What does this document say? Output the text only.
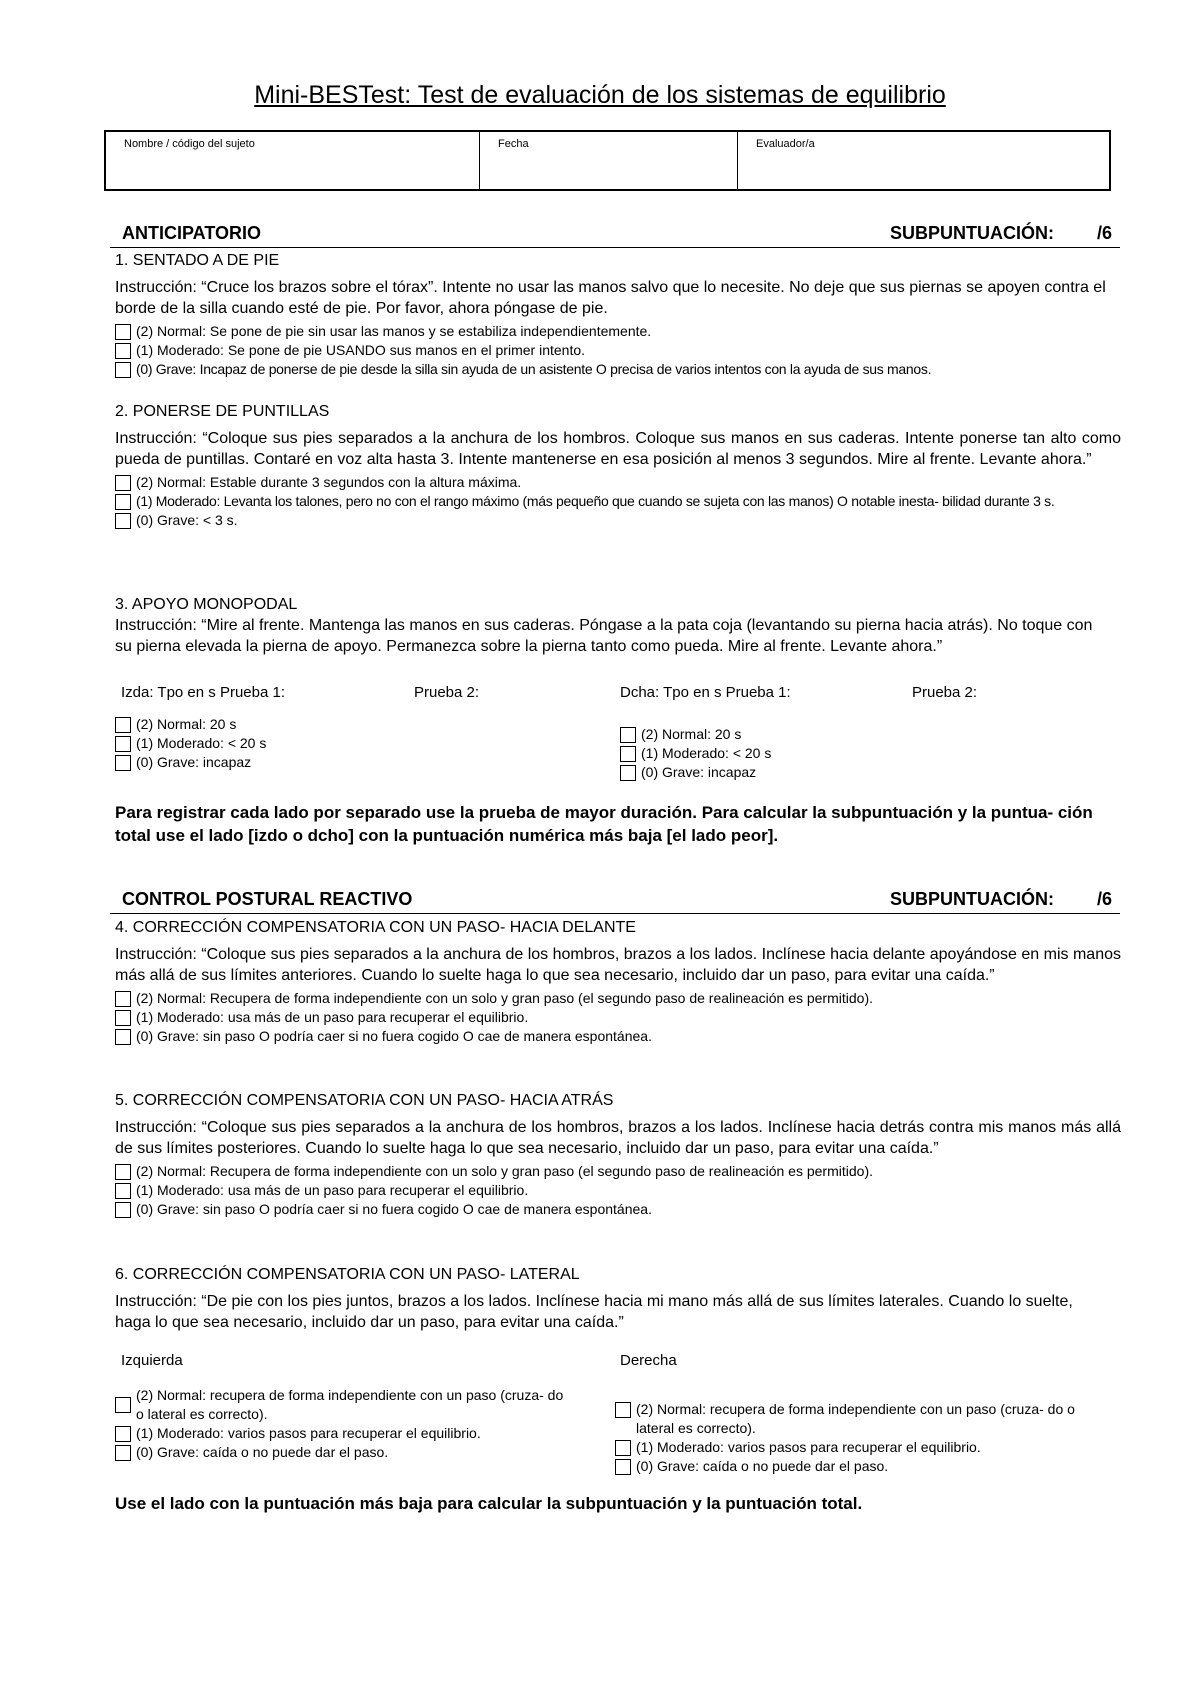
Mini-BESTest: Test de evaluación de los sistemas de equilibrio
Nombre / código del sujeto	Fecha	Evaluador/a
ANTICIPATORIO	SUBPUNTUACIÓN: /6
1. SENTADO A DE PIE
Instrucción: “Cruce los brazos sobre el tórax”. Intente no usar las manos salvo que lo necesite. No deje que sus piernas se apoyen contra el borde de la silla cuando esté de pie. Por favor, ahora póngase de pie.
(2) Normal: Se pone de pie sin usar las manos y se estabiliza independientemente.
(1) Moderado: Se pone de pie USANDO sus manos en el primer intento.
(0) Grave: Incapaz de ponerse de pie desde la silla sin ayuda de un asistente O precisa de varios intentos con la ayuda de sus manos.
2. PONERSE DE PUNTILLAS
Instrucción: “Coloque sus pies separados a la anchura de los hombros. Coloque sus manos en sus caderas. Intente ponerse tan alto como pueda de puntillas. Contaré en voz alta hasta 3. Intente mantenerse en esa posición al menos 3 segundos. Mire al frente. Levante ahora.”
(2) Normal: Estable durante 3 segundos con la altura máxima.
(1) Moderado: Levanta los talones, pero no con el rango máximo (más pequeño que cuando se sujeta con las manos) O notable inesta- bilidad durante 3 s.
(0) Grave: < 3 s.
3. APOYO MONOPODAL
Instrucción: “Mire al frente. Mantenga las manos en sus caderas. Póngase a la pata coja (levantando su pierna hacia atrás). No toque con su pierna elevada la pierna de apoyo. Permanezca sobre la pierna tanto como pueda. Mire al frente. Levante ahora.”
Izda: Tpo en s Prueba 1:	Prueba 2:	Dcha: Tpo en s Prueba 1:	Prueba 2:
(2) Normal: 20 s
(1) Moderado: < 20 s
(0) Grave: incapaz
(2) Normal: 20 s
(1) Moderado: < 20 s
(0) Grave: incapaz
Para registrar cada lado por separado use la prueba de mayor duración. Para calcular la subpuntuación y la puntua- ción total use el lado [izdo o dcho] con la puntuación numérica más baja [el lado peor].
CONTROL POSTURAL REACTIVO	SUBPUNTUACIÓN: /6
4. CORRECCIÓN COMPENSATORIA CON UN PASO- HACIA DELANTE
Instrucción: “Coloque sus pies separados a la anchura de los hombros, brazos a los lados. Inclínese hacia delante apoyándose en mis manos más allá de sus límites anteriores. Cuando lo suelte haga lo que sea necesario, incluido dar un paso, para evitar una caída.”
(2) Normal: Recupera de forma independiente con un solo y gran paso (el segundo paso de realineación es permitido).
(1) Moderado: usa más de un paso para recuperar el equilibrio.
(0) Grave: sin paso O podría caer si no fuera cogido O cae de manera espontánea.
5. CORRECCIÓN COMPENSATORIA CON UN PASO- HACIA ATRÁS
Instrucción: “Coloque sus pies separados a la anchura de los hombros, brazos a los lados. Inclínese hacia detrás contra mis manos más allá de sus límites posteriores. Cuando lo suelte haga lo que sea necesario, incluido dar un paso, para evitar una caída.”
(2) Normal: Recupera de forma independiente con un solo y gran paso (el segundo paso de realineación es permitido).
(1) Moderado: usa más de un paso para recuperar el equilibrio.
(0) Grave: sin paso O podría caer si no fuera cogido O cae de manera espontánea.
6. CORRECCIÓN COMPENSATORIA CON UN PASO- LATERAL
Instrucción: “De pie con los pies juntos, brazos a los lados. Inclínese hacia mi mano más allá de sus límites laterales. Cuando lo suelte, haga lo que sea necesario, incluido dar un paso, para evitar una caída.”
Izquierda	Derecha
(2) Normal: recupera de forma independiente con un paso (cruza- do o lateral es correcto).
(1) Moderado: varios pasos para recuperar el equilibrio.
(0) Grave: caída o no puede dar el paso.
(2) Normal: recupera de forma independiente con un paso (cruza- do o lateral es correcto).
(1) Moderado: varios pasos para recuperar el equilibrio.
(0) Grave: caída o no puede dar el paso.
Use el lado con la puntuación más baja para calcular la subpuntuación y la puntuación total.
